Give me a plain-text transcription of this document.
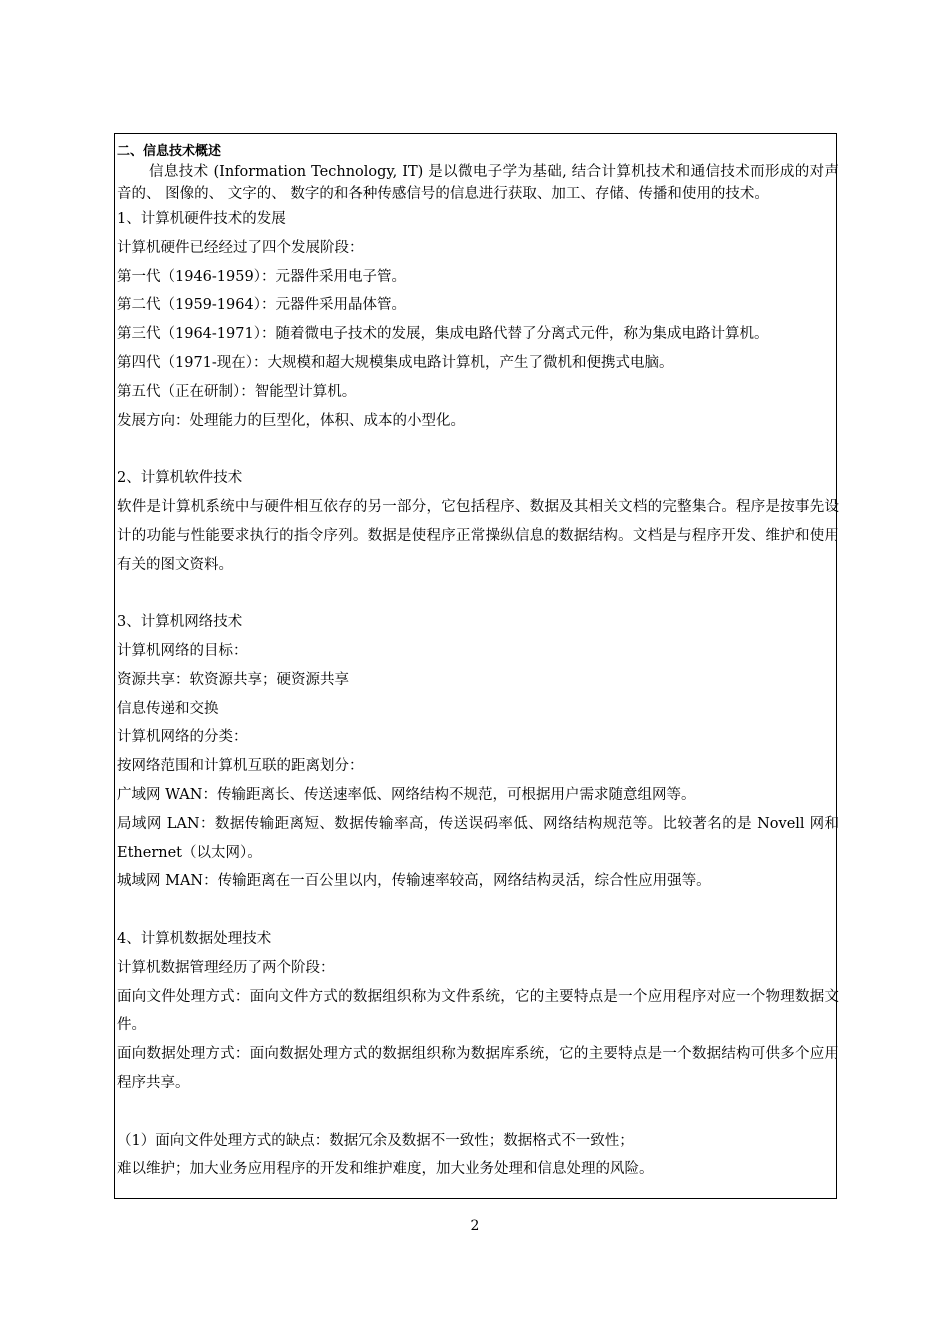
二、信息技术概述
信息技术 (Information Technology, IT) 是以微电子学为基础, 结合计算机技术和通信技术而形成的对声音的、 图像的、 文字的、 数字的和各种传感信号的信息进行获取、加工、存储、传播和使用的技术。
1、计算机硬件技术的发展
计算机硬件已经经过了四个发展阶段：
第一代（1946-1959）：元器件采用电子管。
第二代（1959-1964）：元器件采用晶体管。
第三代（1964-1971）：随着微电子技术的发展，集成电路代替了分离式元件，称为集成电路计算机。
第四代（1971-现在）：大规模和超大规模集成电路计算机，产生了微机和便携式电脑。
第五代（正在研制）：智能型计算机。
发展方向：处理能力的巨型化，体积、成本的小型化。
2、计算机软件技术
软件是计算机系统中与硬件相互依存的另一部分，它包括程序、数据及其相关文档的完整集合。程序是按事先设计的功能与性能要求执行的指令序列。数据是使程序正常操纵信息的数据结构。文档是与程序开发、维护和使用有关的图文资料。
3、计算机网络技术
计算机网络的目标：
资源共享：软资源共享；硬资源共享
信息传递和交换
计算机网络的分类：
按网络范围和计算机互联的距离划分：
广域网 WAN：传输距离长、传送速率低、网络结构不规范，可根据用户需求随意组网等。
局域网 LAN：数据传输距离短、数据传输率高，传送误码率低、网络结构规范等。比较著名的是 Novell 网和 Ethernet（以太网）。
城域网 MAN：传输距离在一百公里以内，传输速率较高，网络结构灵活，综合性应用强等。
4、计算机数据处理技术
计算机数据管理经历了两个阶段：
面向文件处理方式：面向文件方式的数据组织称为文件系统，它的主要特点是一个应用程序对应一个物理数据文件。
面向数据处理方式：面向数据处理方式的数据组织称为数据库系统，它的主要特点是一个数据结构可供多个应用程序共享。
（1）面向文件处理方式的缺点：数据冗余及数据不一致性；数据格式不一致性；
难以维护；加大业务应用程序的开发和维护难度，加大业务处理和信息处理的风险。
2
